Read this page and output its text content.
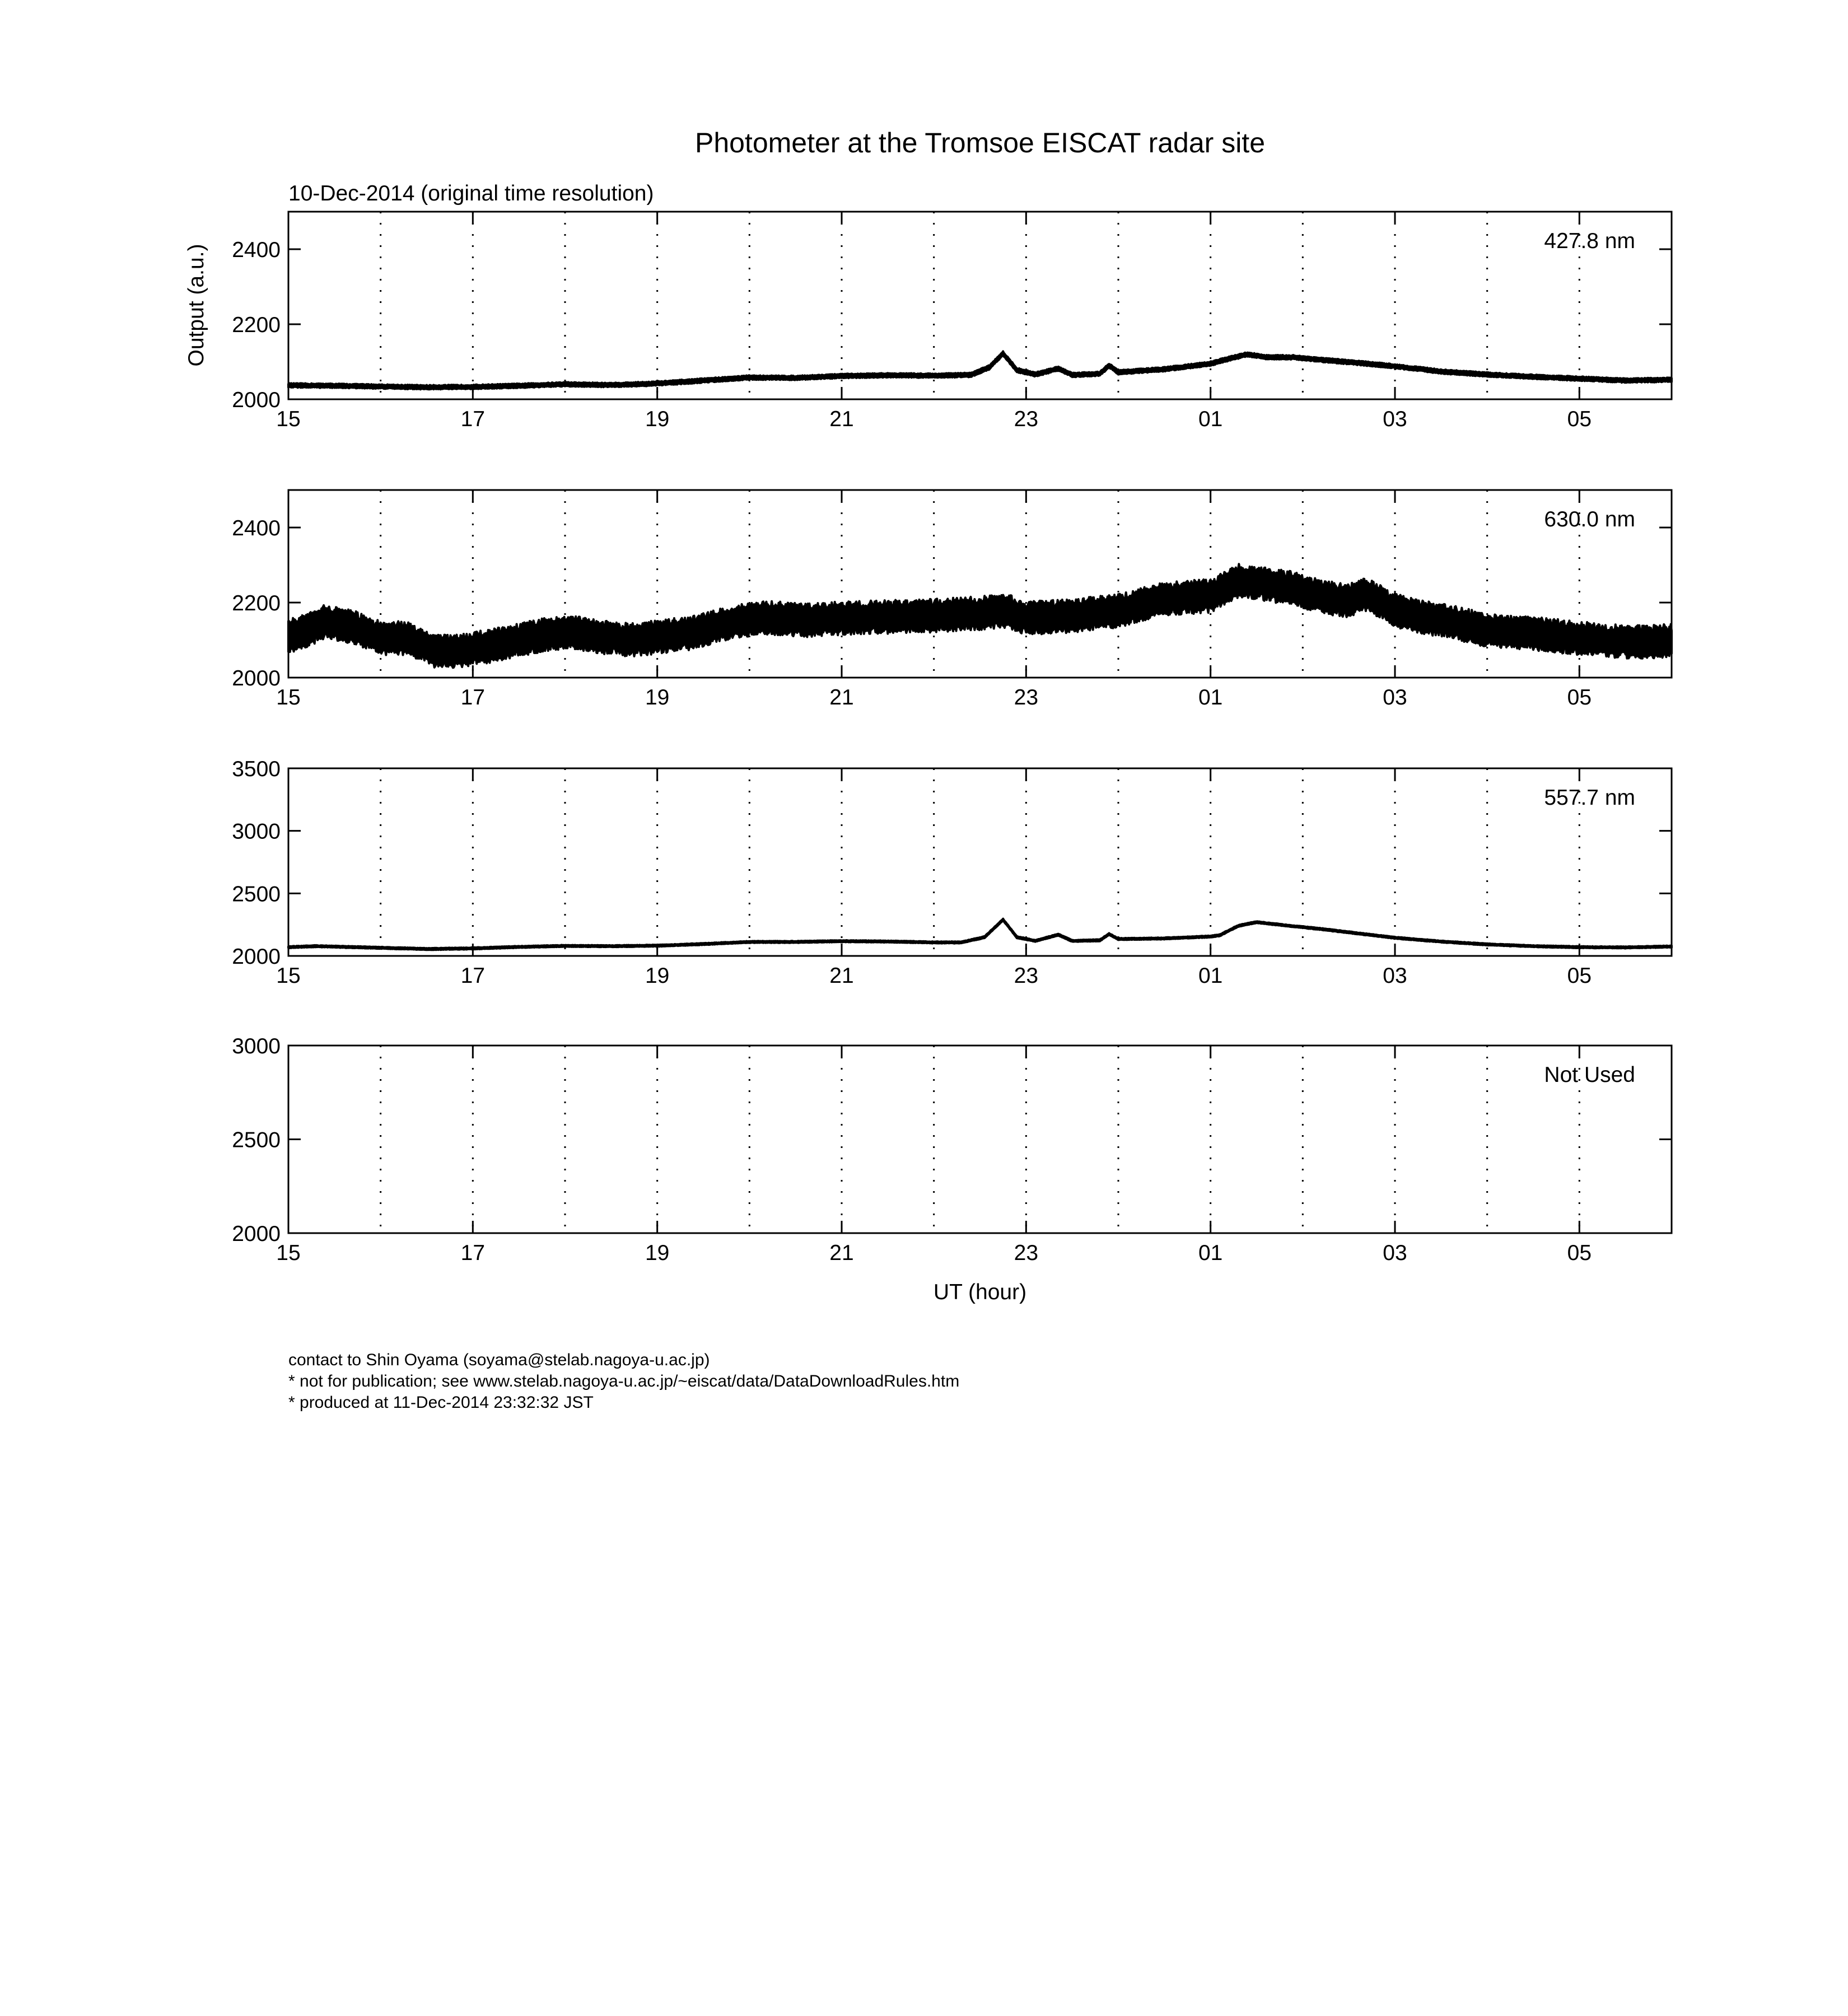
Photometer at the Tromsoe EISCAT radar site
10-Dec-2014 (original time resolution)
Output (a.u.)
UT (hour)
2000
2200
2400
15	17	19	21	23	01	03	05
427.8 nm
2000
2200
2400
15	17	19	21	23	01	03	05
630.0 nm
2000
2500
3000
3500
15	17	19	21	23	01	03	05
557.7 nm
2000
2500
3000
15	17	19	21	23	01	03	05
Not Used
contact to Shin Oyama (soyama@stelab.nagoya-u.ac.jp)
* not for publication; see www.stelab.nagoya-u.ac.jp/~eiscat/data/DataDownloadRules.htm
* produced at 11-Dec-2014 23:32:32 JST
